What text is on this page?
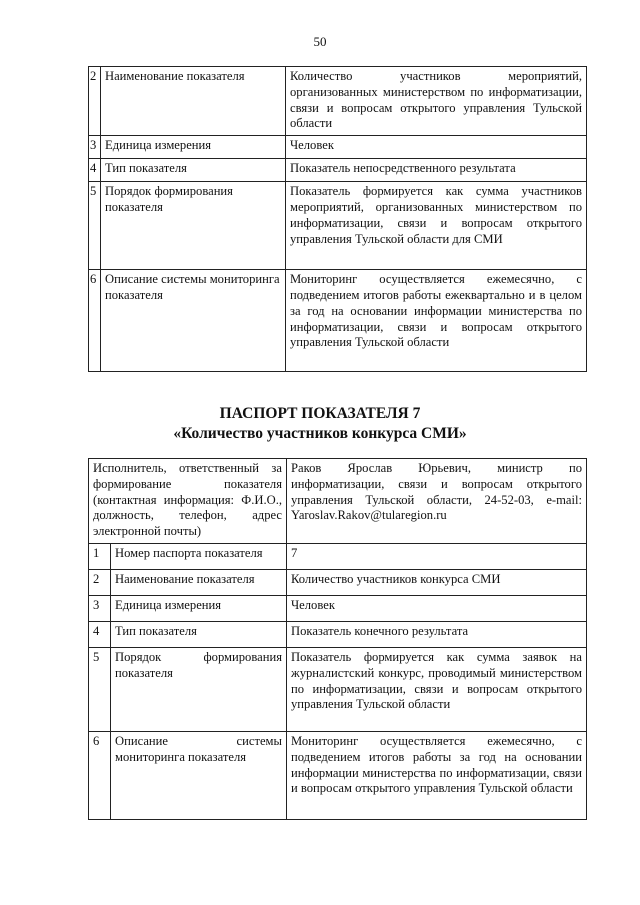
50
2	Наименование показателя	Количество участников мероприятий, организованных министерством по информатизации, связи и вопросам открытого управления Тульской области
3	Единица измерения	Человек
4	Тип показателя	Показатель непосредственного результата
5	Порядок формирования показателя	Показатель формируется как сумма участников мероприятий, организованных министерством по информатизации, связи и вопросам открытого управления Тульской области для СМИ
6	Описание системы мониторинга показателя	Мониторинг осуществляется ежемесячно, с подведением итогов работы ежеквартально и в целом за год на основании информации министерства по информатизации, связи и вопросам открытого управления Тульской области
ПАСПОРТ ПОКАЗАТЕЛЯ 7
«Количество участников конкурса СМИ»
Исполнитель, ответственный за формирование показателя (контактная информация: Ф.И.О., должность, телефон, адрес электронной почты)		Раков Ярослав Юрьевич, министр по информатизации, связи и вопросам открытого управления Тульской области, 24-52-03, e-mail: Yaroslav.Rakov@tularegion.ru
1	Номер паспорта показателя	7
2	Наименование показателя	Количество участников конкурса СМИ
3	Единица измерения	Человек
4	Тип показателя	Показатель конечного результата
5	Порядок формирования показателя	Показатель формируется как сумма заявок на журналистский конкурс, проводимый министерством по информатизации, связи и вопросам открытого управления Тульской области
6	Описание системы мониторинга показателя	Мониторинг осуществляется ежемесячно, с подведением итогов работы за год на основании информации министерства по информатизации, связи и вопросам открытого управления Тульской области
